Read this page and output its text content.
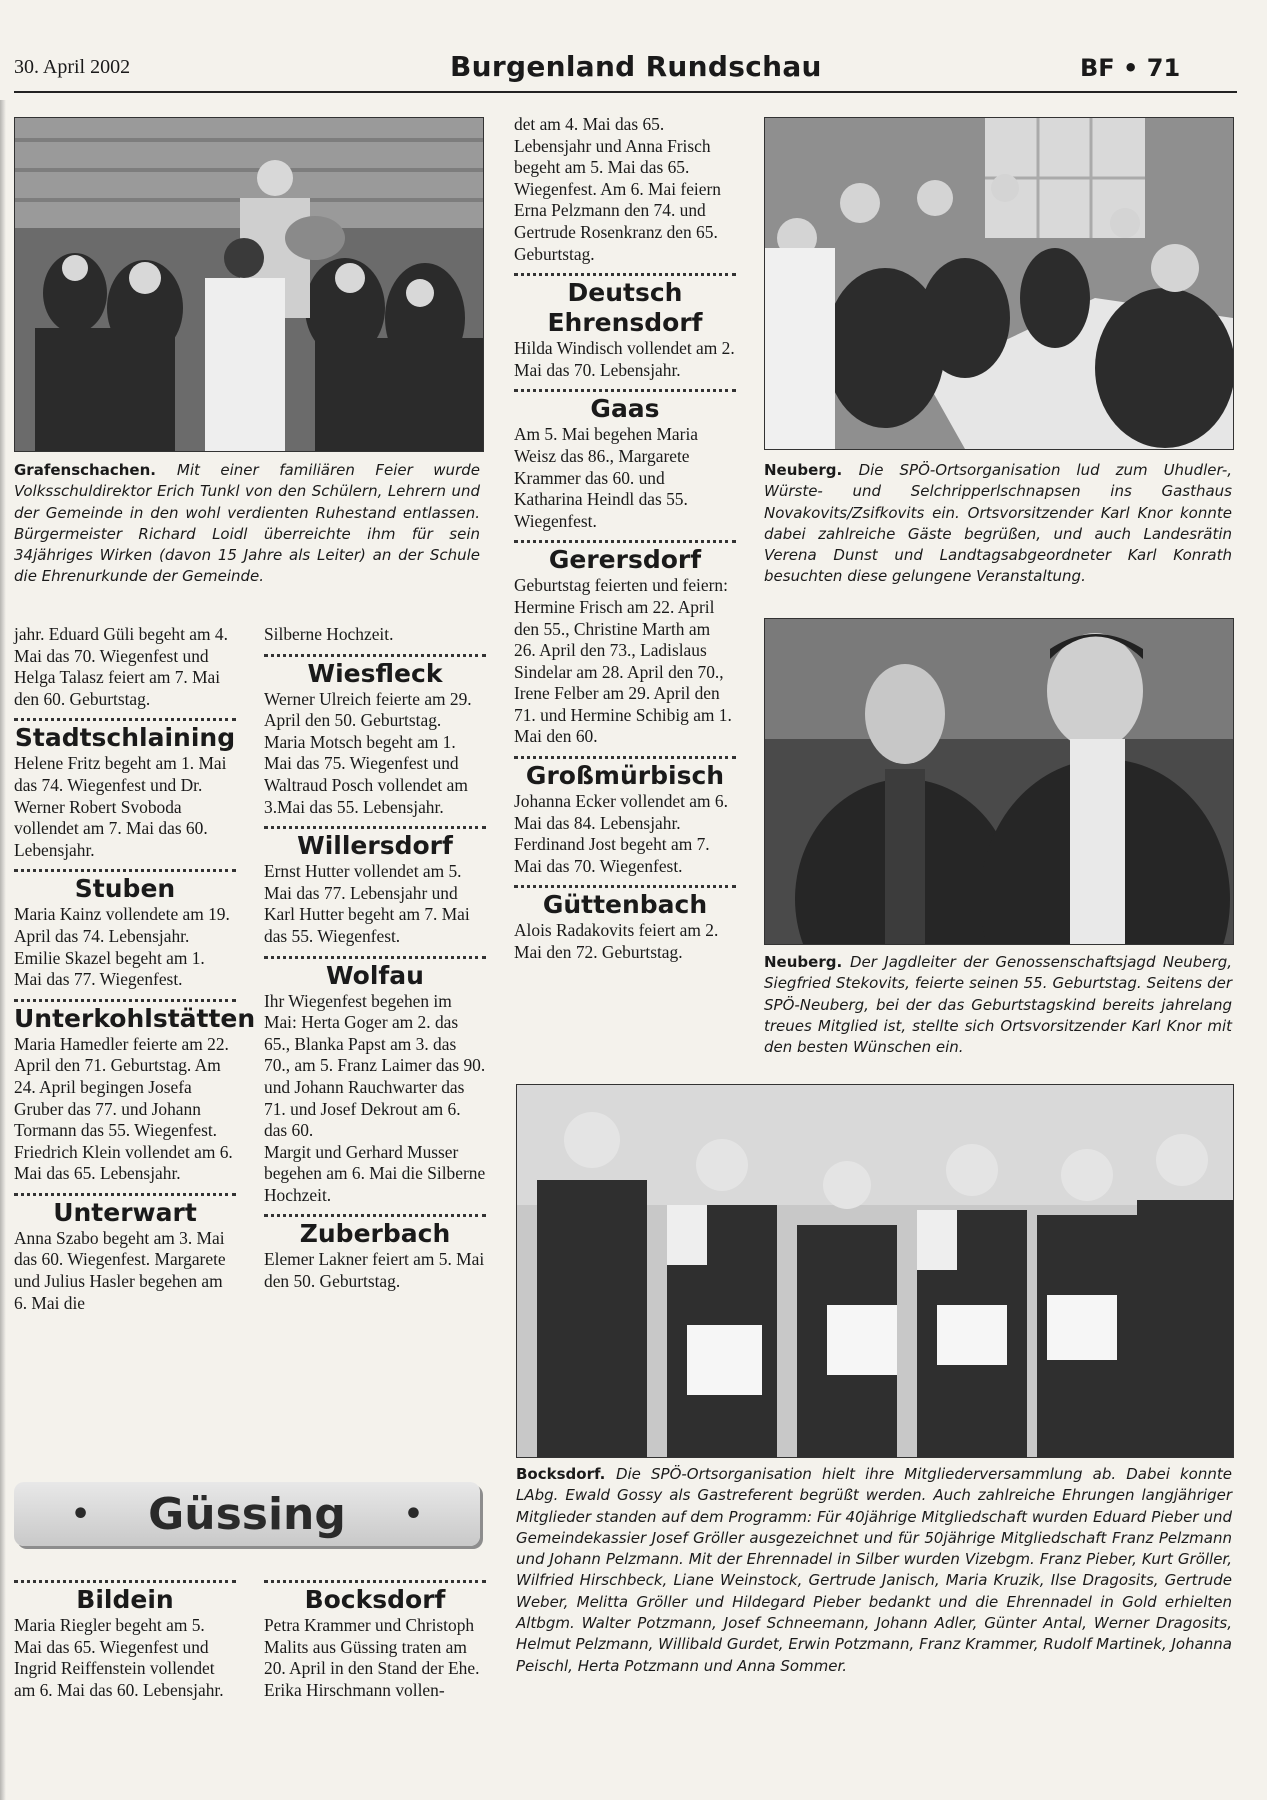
30. April 2002	Burgenland Rundschau	BF • 71
Grafenschachen. Mit einer familiären Feier wurde Volksschuldirektor Erich Tunkl von den Schülern, Lehrern und der Gemeinde in den wohl verdienten Ruhestand entlassen. Bürgermeister Richard Loidl überreichte ihm für sein 34jähriges Wirken (davon 15 Jahre als Leiter) an der Schule die Ehrenurkunde der Gemeinde.

jahr. Eduard Güli begeht am 4. Mai das 70. Wiegenfest und Helga Talasz feiert am 7. Mai den 60. Geburtstag.

Stadtschlaining

Helene Fritz begeht am 1. Mai das 74. Wiegenfest und Dr. Werner Robert Svoboda vollendet am 7. Mai das 60. Lebensjahr.

Stuben

Maria Kainz vollendete am 19. April das 74. Lebensjahr.

Emilie Skazel begeht am 1. Mai das 77. Wiegenfest.

Unterkohlstätten

Maria Hamedler feierte am 22. April den 71. Geburtstag. Am 24. April begingen Josefa Gruber das 77. und Johann Tormann das 55. Wiegenfest.

Friedrich Klein vollendet am 6. Mai das 65. Lebensjahr.

Unterwart

Anna Szabo begeht am 3. Mai das 60. Wiegenfest. Margarete und Julius Hasler begehen am 6. Mai die

Silberne Hochzeit.

Wiesfleck

Werner Ulreich feierte am 29. April den 50. Geburtstag.

Maria Motsch begeht am 1. Mai das 75. Wiegenfest und Waltraud Posch vollendet am 3.Mai das 55. Lebensjahr.

Willersdorf

Ernst Hutter vollendet am 5. Mai das 77. Lebensjahr und Karl Hutter begeht am 7. Mai das 55. Wiegenfest.

Wolfau

Ihr Wiegenfest begehen im Mai: Herta Goger am 2. das 65., Blanka Papst am 3. das 70., am 5. Franz Laimer das 90. und Johann Rauchwarter das 71. und Josef Dekrout am 6. das 60.

Margit und Gerhard Musser begehen am 6. Mai die Silberne Hochzeit.

Zuberbach

Elemer Lakner feiert am 5. Mai den 50. Geburtstag.

det am 4. Mai das 65. Lebensjahr und Anna Frisch begeht am 5. Mai das 65. Wiegenfest. Am 6. Mai feiern Erna Pelzmann den 74. und Gertrude Rosenkranz den 65. Geburtstag.

Deutsch Ehrensdorf

Hilda Windisch vollendet am 2. Mai das 70. Lebensjahr.

Gaas

Am 5. Mai begehen Maria Weisz das 86., Margarete Krammer das 60. und Katharina Heindl das 55. Wiegenfest.

Gerersdorf

Geburtstag feierten und feiern: Hermine Frisch am 22. April den 55., Christine Marth am 26. April den 73., Ladislaus Sindelar am 28. April den 70., Irene Felber am 29. April den 71. und Hermine Schibig am 1. Mai den 60.

Großmürbisch

Johanna Ecker vollendet am 6. Mai das 84. Lebensjahr. Ferdinand Jost begeht am 7. Mai das 70. Wiegenfest.

Güttenbach

Alois Radakovits feiert am 2. Mai den 72. Geburtstag.

Neuberg. Die SPÖ-Ortsorganisation lud zum Uhudler-, Würste- und Selchripperlschnapsen ins Gasthaus Novakovits/Zsifkovits ein. Ortsvorsitzender Karl Knor konnte dabei zahlreiche Gäste begrüßen, und auch Landesrätin Verena Dunst und Landtagsabgeordneter Karl Konrath besuchten diese gelungene Veranstaltung.
Neuberg. Der Jagdleiter der Genossenschaftsjagd Neuberg, Siegfried Stekovits, feierte seinen 55. Geburtstag. Seitens der SPÖ-Neuberg, bei der das Geburtstagskind bereits jahrelang treues Mitglied ist, stellte sich Ortsvorsitzender Karl Knor mit den besten Wünschen ein.
Bocksdorf. Die SPÖ-Ortsorganisation hielt ihre Mitgliederversammlung ab. Dabei konnte LAbg. Ewald Gossy als Gastreferent begrüßt werden. Auch zahlreiche Ehrungen langjähriger Mitglieder standen auf dem Programm: Für 40jährige Mitgliedschaft wurden Eduard Pieber und Gemeindekassier Josef Gröller ausgezeichnet und für 50jährige Mitgliedschaft Franz Pelzmann und Johann Pelzmann. Mit der Ehrennadel in Silber wurden Vizebgm. Franz Pieber, Kurt Gröller, Wilfried Hirschbeck, Liane Weinstock, Gertrude Janisch, Maria Kruzik, Ilse Dragosits, Gertrude Weber, Melitta Gröller und Hildegard Pieber bedankt und die Ehrennadel in Gold erhielten Altbgm. Walter Potzmann, Josef Schneemann, Johann Adler, Günter Antal, Werner Dragosits, Helmut Pelzmann, Willibald Gurdet, Erwin Potzmann, Franz Krammer, Rudolf Martinek, Johanna Peischl, Herta Potzmann und Anna Sommer.
• Güssing •
Bildein

Maria Riegler begeht am 5. Mai das 65. Wiegenfest und Ingrid Reiffenstein vollendet am 6. Mai das 60. Lebensjahr.

Bocksdorf

Petra Krammer und Christoph Malits aus Güssing traten am 20. April in den Stand der Ehe.

Erika Hirschmann vollen-
